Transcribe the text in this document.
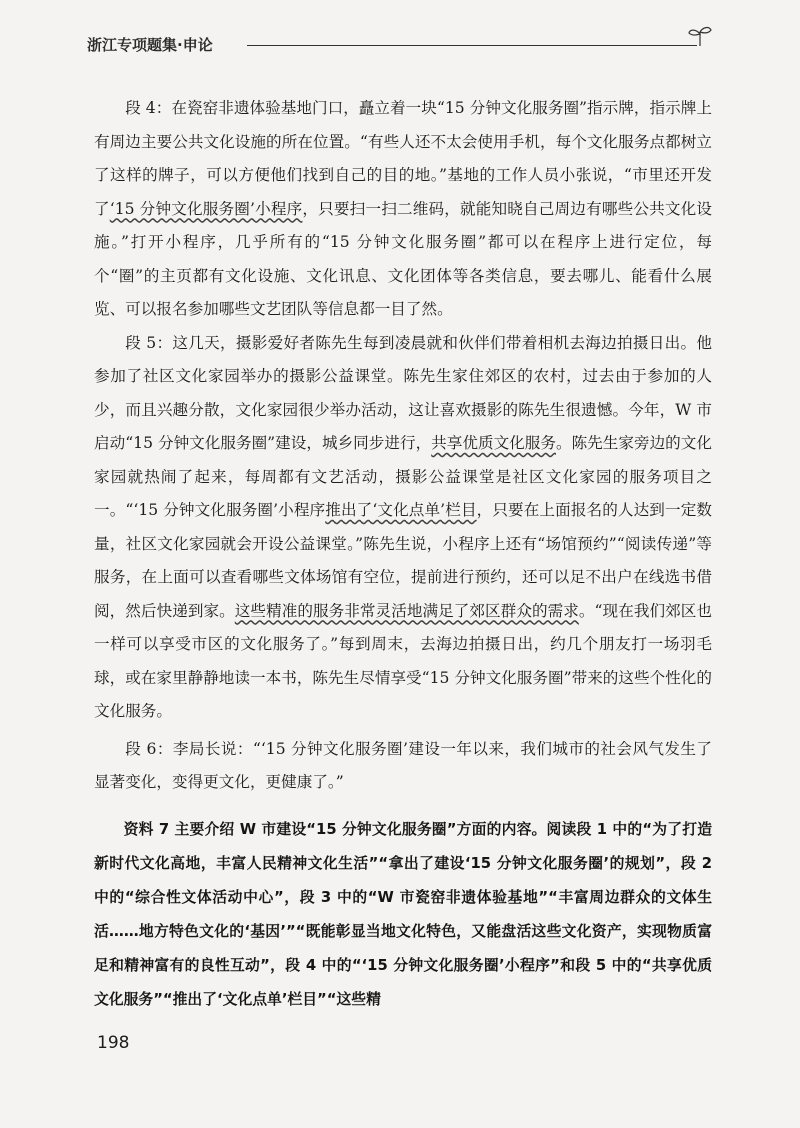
浙江专项题集·申论

段 4：在瓷窑非遗体验基地门口，矗立着一块“15 分钟文化服务圈”指示牌，指示牌上有周边主要公共文化设施的所在位置。“有些人还不太会使用手机，每个文化服务点都树立了这样的牌子，可以方便他们找到自己的目的地。”基地的工作人员小张说，“市里还开发了‘15 分钟文化服务圈’小程序，只要扫一扫二维码，就能知晓自己周边有哪些公共文化设施。”打开小程序，几乎所有的“15 分钟文化服务圈”都可以在程序上进行定位，每个“圈”的主页都有文化设施、文化讯息、文化团体等各类信息，要去哪儿、能看什么展览、可以报名参加哪些文艺团队等信息都一目了然。

段 5：这几天，摄影爱好者陈先生每到凌晨就和伙伴们带着相机去海边拍摄日出。他参加了社区文化家园举办的摄影公益课堂。陈先生家住郊区的农村，过去由于参加的人少，而且兴趣分散，文化家园很少举办活动，这让喜欢摄影的陈先生很遗憾。今年，W 市启动“15 分钟文化服务圈”建设，城乡同步进行，共享优质文化服务。陈先生家旁边的文化家园就热闹了起来，每周都有文艺活动，摄影公益课堂是社区文化家园的服务项目之一。“‘15 分钟文化服务圈’小程序推出了‘文化点单’栏目，只要在上面报名的人达到一定数量，社区文化家园就会开设公益课堂。”陈先生说，小程序上还有“场馆预约”“阅读传递”等服务，在上面可以查看哪些文体场馆有空位，提前进行预约，还可以足不出户在线选书借阅，然后快递到家。这些精准的服务非常灵活地满足了郊区群众的需求。“现在我们郊区也一样可以享受市区的文化服务了。”每到周末，去海边拍摄日出，约几个朋友打一场羽毛球，或在家里静静地读一本书，陈先生尽情享受“15 分钟文化服务圈”带来的这些个性化的文化服务。

段 6：李局长说：“‘15 分钟文化服务圈’建设一年以来，我们城市的社会风气发生了显著变化，变得更文化，更健康了。”

资料 7 主要介绍 W 市建设“15 分钟文化服务圈”方面的内容。阅读段 1 中的“为了打造新时代文化高地，丰富人民精神文化生活”“拿出了建设‘15 分钟文化服务圈’的规划”，段 2 中的“综合性文体活动中心”，段 3 中的“W 市瓷窑非遗体验基地”“丰富周边群众的文体生活……地方特色文化的‘基因’”“既能彰显当地文化特色，又能盘活这些文化资产，实现物质富足和精神富有的良性互动”，段 4 中的“‘15 分钟文化服务圈’小程序”和段 5 中的“共享优质文化服务”“推出了‘文化点单’栏目”“这些精

198
